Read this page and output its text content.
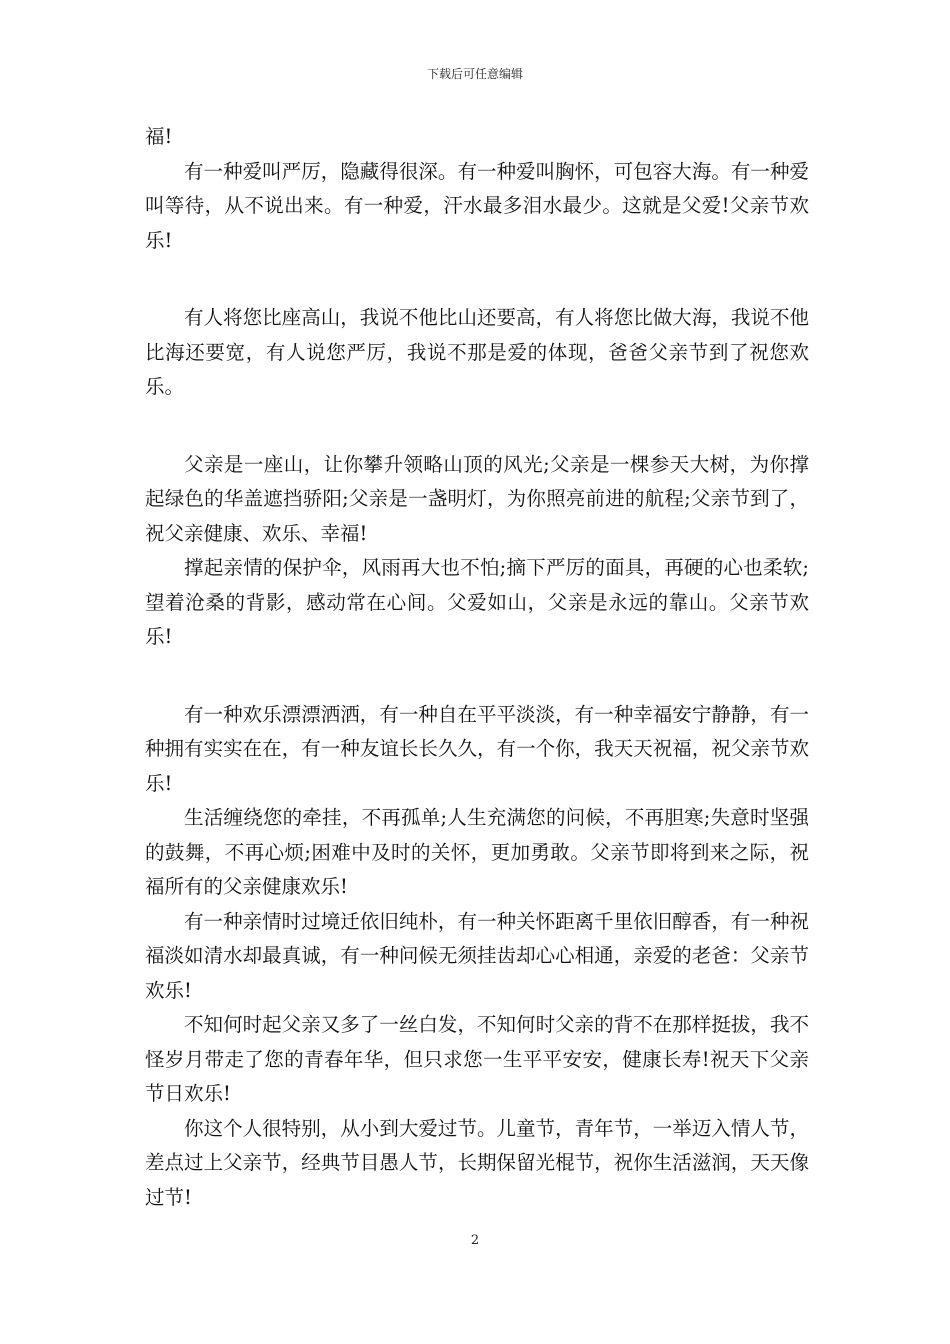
下载后可任意编辑

福!

有一种爱叫严厉，隐藏得很深。有一种爱叫胸怀，可包容大海。有一种爱叫等待，从不说出来。有一种爱，汗水最多泪水最少。这就是父爱!父亲节欢乐!

有人将您比座高山，我说不他比山还要高，有人将您比做大海，我说不他比海还要宽，有人说您严厉，我说不那是爱的体现，爸爸父亲节到了祝您欢乐。

父亲是一座山，让你攀升领略山顶的风光;父亲是一棵参天大树，为你撑起绿色的华盖遮挡骄阳;父亲是一盏明灯，为你照亮前进的航程;父亲节到了，祝父亲健康、欢乐、幸福!

撑起亲情的保护伞，风雨再大也不怕;摘下严厉的面具，再硬的心也柔软;望着沧桑的背影，感动常在心间。父爱如山，父亲是永远的靠山。父亲节欢乐!

有一种欢乐漂漂洒洒，有一种自在平平淡淡，有一种幸福安宁静静，有一种拥有实实在在，有一种友谊长长久久，有一个你，我天天祝福，祝父亲节欢乐!

生活缠绕您的牵挂，不再孤单;人生充满您的问候，不再胆寒;失意时坚强的鼓舞，不再心烦;困难中及时的关怀，更加勇敢。父亲节即将到来之际，祝福所有的父亲健康欢乐!

有一种亲情时过境迁依旧纯朴，有一种关怀距离千里依旧醇香，有一种祝福淡如清水却最真诚，有一种问候无须挂齿却心心相通，亲爱的老爸：父亲节欢乐!

不知何时起父亲又多了一丝白发，不知何时父亲的背不在那样挺拔，我不怪岁月带走了您的青春年华，但只求您一生平平安安，健康长寿!祝天下父亲节日欢乐!

你这个人很特别，从小到大爱过节。儿童节，青年节，一举迈入情人节，差点过上父亲节，经典节目愚人节，长期保留光棍节，祝你生活滋润，天天像过节!

2
